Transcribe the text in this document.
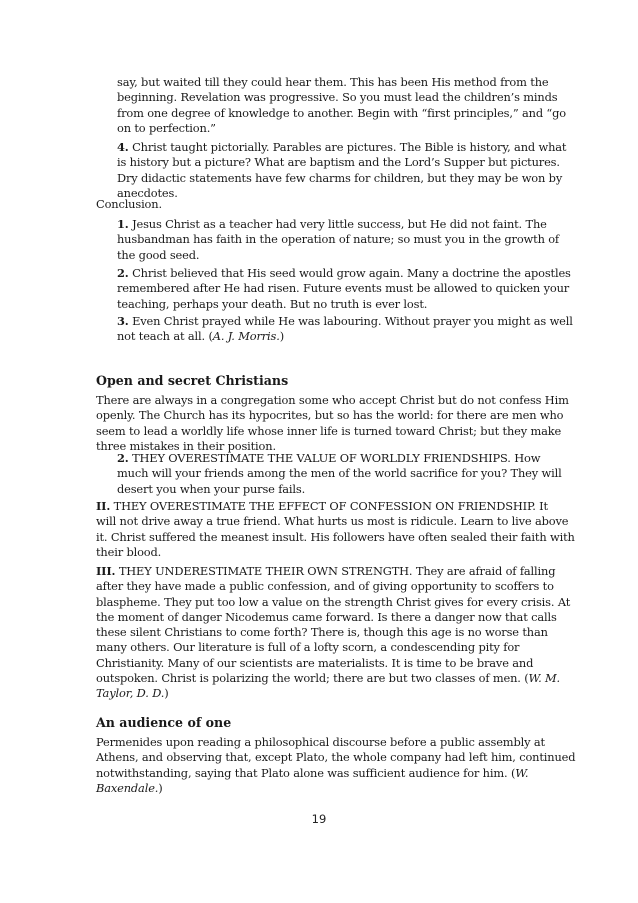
say, but waited till they could hear them. This has been His method from the
beginning. Revelation was progressive. So you must lead the children’s minds
from one degree of knowledge to another. Begin with “first principles,” and “go
on to perfection.”

4. Christ taught pictorially. Parables are pictures. The Bible is history, and what
is history but a picture? What are baptism and the Lord’s Supper but pictures.
Dry didactic statements have few charms for children, but they may be won by
anecdotes.

Conclusion.

1. Jesus Christ as a teacher had very little success, but He did not faint. The
husbandman has faith in the operation of nature; so must you in the growth of
the good seed.

2. Christ believed that His seed would grow again. Many a doctrine the apostles
remembered after He had risen. Future events must be allowed to quicken your
teaching, perhaps your death. But no truth is ever lost.

3. Even Christ prayed while He was labouring. Without prayer you might as well
not teach at all. (A. J. Morris.)

Open and secret Christians

There are always in a congregation some who accept Christ but do not confess Him
openly. The Church has its hypocrites, but so has the world: for there are men who
seem to lead a worldly life whose inner life is turned toward Christ; but they make
three mistakes in their position.

2. THEY OVERESTIMATE THE VALUE OF WORLDLY FRIENDSHIPS. How
much will your friends among the men of the world sacrifice for you? They will
desert you when your purse fails.

II. THEY OVERESTIMATE THE EFFECT OF CONFESSION ON FRIENDSHIP. It
will not drive away a true friend. What hurts us most is ridicule. Learn to live above
it. Christ suffered the meanest insult. His followers have often sealed their faith with
their blood.

III. THEY UNDERESTIMATE THEIR OWN STRENGTH. They are afraid of falling
after they have made a public confession, and of giving opportunity to scoffers to
blaspheme. They put too low a value on the strength Christ gives for every crisis. At
the moment of danger Nicodemus came forward. Is there a danger now that calls
these silent Christians to come forth? There is, though this age is no worse than
many others. Our literature is full of a lofty scorn, a condescending pity for
Christianity. Many of our scientists are materialists. It is time to be brave and
outspoken. Christ is polarizing the world; there are but two classes of men. (W. M.
Taylor, D. D.)

An audience of one

Permenides upon reading a philosophical discourse before a public assembly at
Athens, and observing that, except Plato, the whole company had left him, continued
notwithstanding, saying that Plato alone was sufficient audience for him. (W.
Baxendale.)

19
